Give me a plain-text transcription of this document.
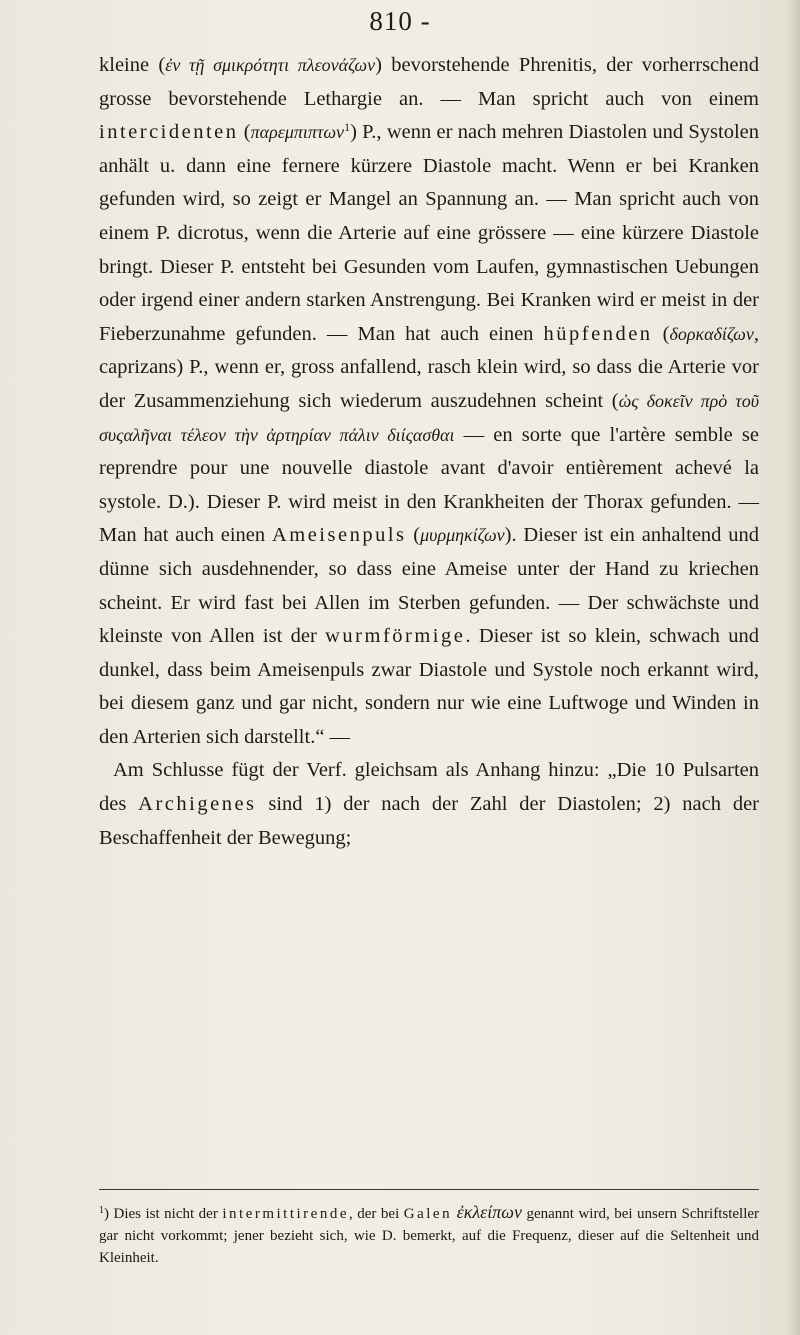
810 -

kleine (ἐν τῇ σμικρότητι πλεονάζων) bevorstehende Phrenitis, der vorherrschend grosse bevorstehende Lethargie an. — Man spricht auch von einem intercidenten (παρεμπιπτων$^1$) P., wenn er nach mehren Diastolen und Systolen anhält u. dann eine fernere kürzere Diastole macht. Wenn er bei Kranken gefunden wird, so zeigt er Mangel an Spannung an. — Man spricht auch von einem P. dicrotus, wenn die Arterie auf eine grössere — eine kürzere Diastole bringt. Dieser P. entsteht bei Gesunden vom Laufen, gymnastischen Uebungen oder irgend einer andern starken Anstrengung. Bei Kranken wird er meist in der Fieberzunahme gefunden. — Man hat auch einen hüpfenden (δορκαδίζων, caprizans) P., wenn er, gross anfallend, rasch klein wird, so dass die Arterie vor der Zusammenziehung sich wiederum auszudehnen scheint (ὡς δοκεῖν πρὸ τοῦ συςαλῆναι τέλεον τὴν ἀρτηρίαν πάλιν διίςασθαι — en sorte que l'artère semble se reprendre pour une nouvelle diastole avant d'avoir entièrement achevé la systole. D.). Dieser P. wird meist in den Krankheiten der Thorax gefunden. — Man hat auch einen Ameisenpuls (μυρμηκίζων). Dieser ist ein anhaltend und dünne sich ausdehnender, so dass eine Ameise unter der Hand zu kriechen scheint. Er wird fast bei Allen im Sterben gefunden. — Der schwächste und kleinste von Allen ist der wurmförmige. Dieser ist so klein, schwach und dunkel, dass beim Ameisenpuls zwar Diastole und Systole noch erkannt wird, bei diesem ganz und gar nicht, sondern nur wie eine Luftwoge und Winden in den Arterien sich darstellt.“ —

Am Schlusse fügt der Verf. gleichsam als Anhang hinzu: „Die 10 Pulsarten des Archigenes sind 1) der nach der Zahl der Diastolen; 2) nach der Beschaffenheit der Bewegung;

$^1$) Dies ist nicht der intermittirende, der bei Galen ἐκλείπων genannt wird, bei unsern Schriftsteller gar nicht vorkommt; jener bezieht sich, wie D. bemerkt, auf die Frequenz, dieser auf die Seltenheit und Kleinheit.
